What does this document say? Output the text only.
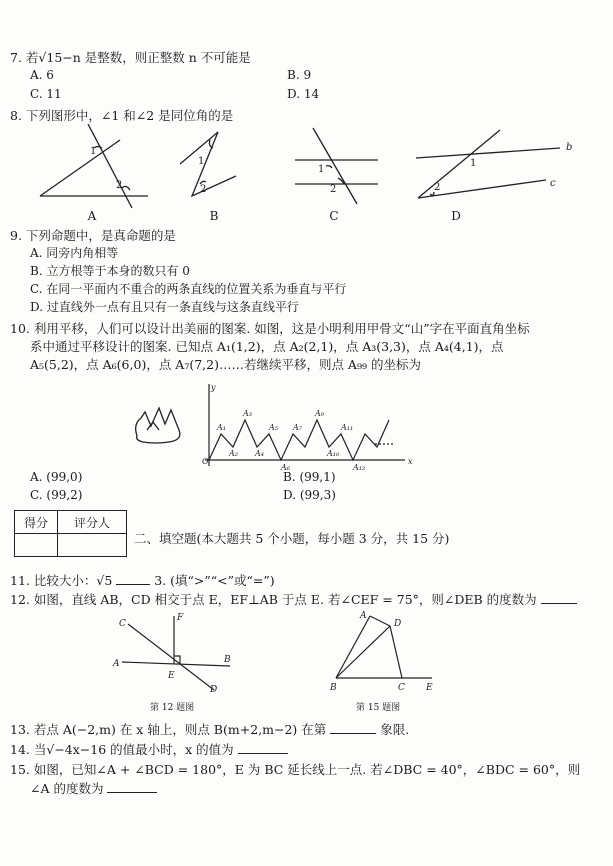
7. 若√15−n 是整数，则正整数 n 不可能是
A. 6	B. 9
C. 11	D. 14
8. 下列图形中，∠1 和∠2 是同位角的是
1
2
1
2
1
2
1
2
b
c
A	B	C	D
9. 下列命题中，是真命题的是
A. 同旁内角相等
B. 立方根等于本身的数只有 0
C. 在同一平面内不重合的两条直线的位置关系为垂直与平行
D. 过直线外一点有且只有一条直线与这条直线平行
10. 利用平移，人们可以设计出美丽的图案. 如图，这是小明利用甲骨文“山”字在平面直角坐标
系中通过平移设计的图案. 已知点 A₁(1,2)，点 A₂(2,1)，点 A₃(3,3)，点 A₄(4,1)，点
A₅(5,2)，点 A₆(6,0)，点 A₇(7,2)……若继续平移，则点 A₉₉ 的坐标为
O
y
x
A₁
A₂
A₃
A₄
A₅
A₆
A₇
A₉
A₁₀
A₁₁
A₁₂
A. (99,0)	B. (99,1)
C. (99,2)	D. (99,3)
得分	评分人

二、填空题(本大题共 5 个小题，每小题 3 分，共 15 分)
11. 比较大小：√5	3. (填“>”“<”或“=”)
12. 如图，直线 AB，CD 相交于点 E，EF⊥AB 于点 E. 若∠CEF = 75°，则∠DEB 的度数为
A	B
C
D
E
F
第 12 题图
A
D
B	C E
第 15 题图
13. 若点 A(−2,m) 在 x 轴上，则点 B(m+2,m−2) 在第	象限.
14. 当√−4x−16 的值最小时，x 的值为
15. 如图，已知∠A + ∠BCD = 180°，E 为 BC 延长线上一点. 若∠DBC = 40°，∠BDC = 60°，则
∠A 的度数为
